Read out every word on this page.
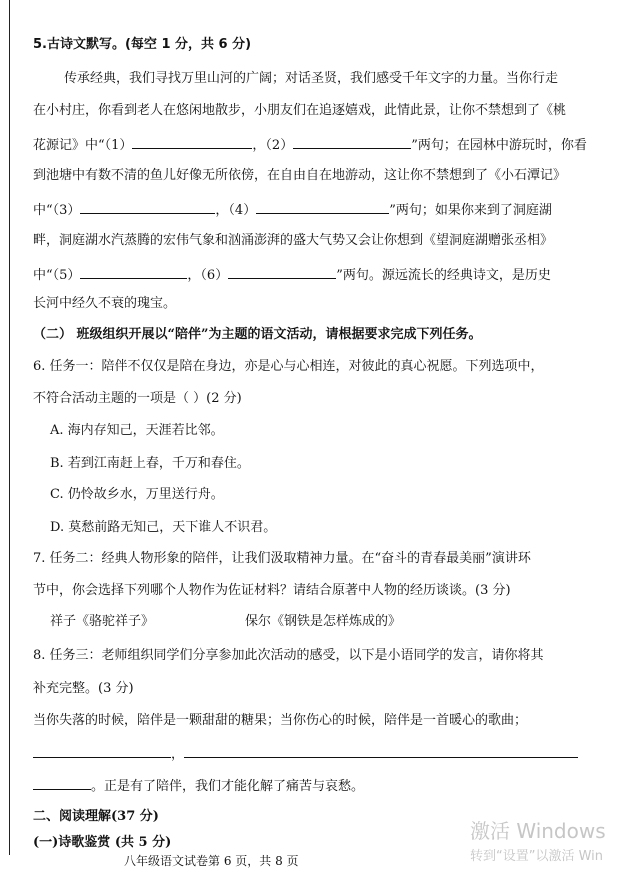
5.古诗文默写。(每空 1 分，共 6 分)
传承经典，我们寻找万里山河的广阔；对话圣贤，我们感受千年文字的力量。当你行走
在小村庄，你看到老人在悠闲地散步，小朋友们在追逐嬉戏，此情此景，让你不禁想到了《桃
花源记》中“（1）	，（2）	”两句；在园林中游玩时，你看
到池塘中有数不清的鱼儿好像无所依傍，在自由自在地游动，这让你不禁想到了《小石潭记》
中“（3）	，（4）	”两句；如果你来到了洞庭湖
畔，洞庭湖水汽蒸腾的宏伟气象和汹涌澎湃的盛大气势又会让你想到《望洞庭湖赠张丞相》
中“（5）	，（6）	”两句。源远流长的经典诗文，是历史
长河中经久不衰的瑰宝。
（二） 班级组织开展以“陪伴”为主题的语文活动，请根据要求完成下列任务。
6. 任务一：陪伴不仅仅是陪在身边，亦是心与心相连，对彼此的真心祝愿。下列选项中，
不符合活动主题的一项是（ ）(2 分)
A. 海内存知己，天涯若比邻。
B. 若到江南赶上春，千万和春住。
C. 仍怜故乡水，万里送行舟。
D. 莫愁前路无知己，天下谁人不识君。
7. 任务二：经典人物形象的陪伴，让我们汲取精神力量。在“奋斗的青春最美丽”演讲环
节中，你会选择下列哪个人物作为佐证材料？请结合原著中人物的经历谈谈。(3 分)
祥子《骆驼祥子》	保尔《钢铁是怎样炼成的》
8. 任务三：老师组织同学们分享参加此次活动的感受，以下是小语同学的发言，请你将其
补充完整。(3 分)
当你失落的时候，陪伴是一颗甜甜的糖果；当你伤心的时候，陪伴是一首暖心的歌曲；
，
。正是有了陪伴，我们才能化解了痛苦与哀愁。
二、阅读理解(37 分)
(一)诗歌鉴赏 (共 5 分)
八年级语文试卷第 6 页，共 8 页
激活 Windows
转到“设置”以激活 Win
